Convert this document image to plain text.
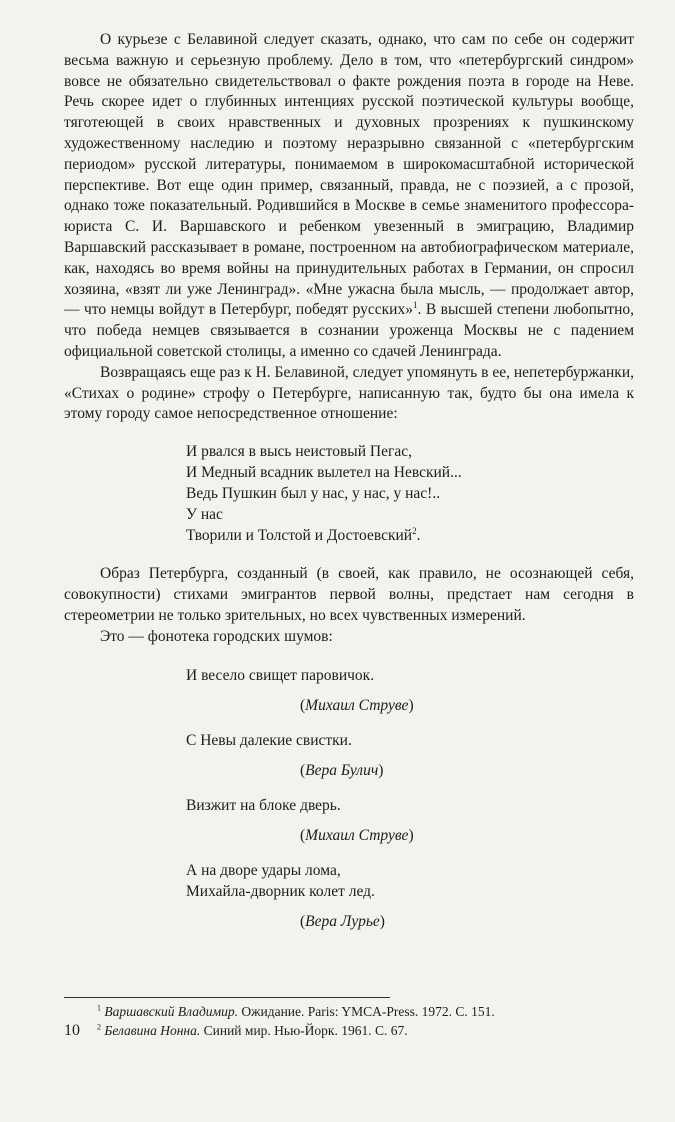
О курьезе с Белавиной следует сказать, однако, что сам по себе он содержит весьма важную и серьезную проблему. Дело в том, что «петербургский синдром» вовсе не обязательно свидетельствовал о факте рождения поэта в городе на Неве. Речь скорее идет о глубинных интенциях русской поэтической культуры вообще, тяготеющей в своих нравственных и духовных прозрениях к пушкинскому художественному наследию и поэтому неразрывно связанной с «петербургским периодом» русской литературы, понимаемом в широкомасштабной исторической перспективе. Вот еще один пример, связанный, правда, не с поэзией, а с прозой, однако тоже показательный. Родившийся в Москве в семье знаменитого профессора-юриста С. И. Варшавского и ребенком увезенный в эмиграцию, Владимир Варшавский рассказывает в романе, построенном на автобиографическом материале, как, находясь во время войны на принудительных работах в Германии, он спросил хозяина, «взят ли уже Ленинград». «Мне ужасна была мысль, — продолжает автор, — что немцы войдут в Петербург, победят русских»$^1$. В высшей степени любопытно, что победа немцев связывается в сознании уроженца Москвы не с падением официальной советской столицы, а именно со сдачей Ленинграда.

Возвращаясь еще раз к Н. Белавиной, следует упомянуть в ее, непетербуржанки, «Стихах о родине» строфу о Петербурге, написанную так, будто бы она имела к этому городу самое непосредственное отношение:

И рвался в высь неистовый Пегас,
И Медный всадник вылетел на Невский...
Ведь Пушкин был у нас, у нас, у нас!..
У нас
Творили и Толстой и Достоевский$^2$.

Образ Петербурга, созданный (в своей, как правило, не осознающей себя, совокупности) стихами эмигрантов первой волны, предстает нам сегодня в стереометрии не только зрительных, но всех чувственных измерений.

Это — фонотека городских шумов:

И весело свищет паровичок.
(Михаил Струве)
С Невы далекие свистки.
(Вера Булич)
Визжит на блоке дверь.
(Михаил Струве)
А на дворе удары лома,
Михайла-дворник колет лед.
(Вера Лурье)
$^1$ Варшавский Владимир. Ожидание. Paris: YMCA-Press. 1972. С. 151.
$^2$ Белавина Нонна. Синий мир. Нью-Йорк. 1961. С. 67.
10
